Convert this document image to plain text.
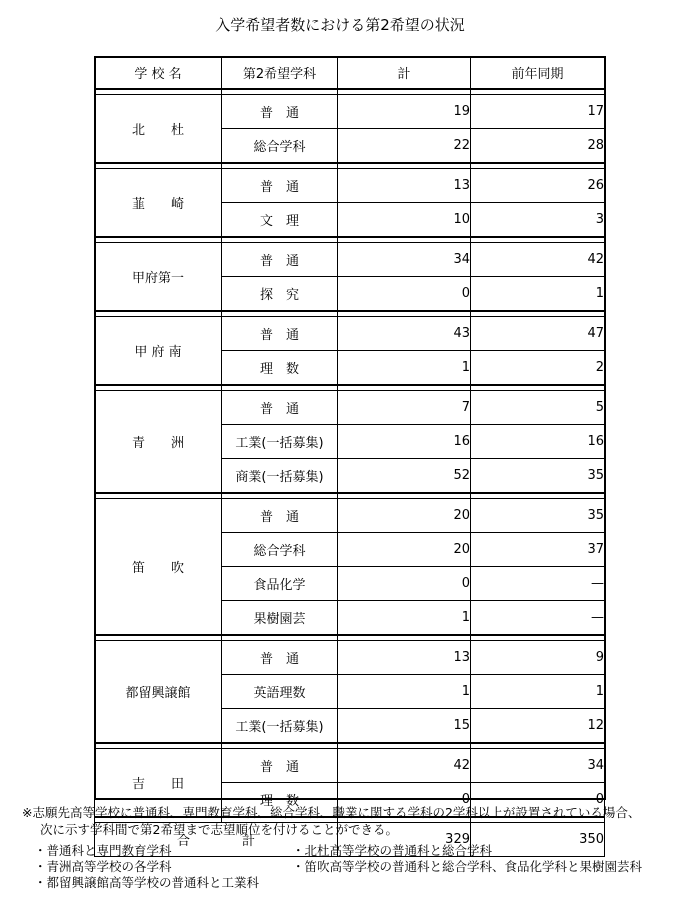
入学希望者数における第2希望の状況
学 校 名	第2希望学科	計	前年同期

北　　杜	普　通	19	17
	総合学科	22	28

韮　　崎	普　通	13	26
	文　理	10	3

甲府第一	普　通	34	42
	探　究	0	1

甲 府 南	普　通	43	47
	理　数	1	2

青　　洲	普　通	7	5
	工業(一括募集)	16	16
	商業(一括募集)	52	35

笛　　吹	普　通	20	35
	総合学科	20	37
	食品化学	0	—
	果樹園芸	1	—

都留興譲館	普　通	13	9
	英語理数	1	1
	工業(一括募集)	15	12

吉　　田	普　通	42	34
	理　数	0	0

合　　　　計		329	350
※志願先高等学校に普通科、専門教育学科、総合学科、職業に関する学科の2学科以上が設置されている場合、
次に示す学科間で第2希望まで志望順位を付けることができる。
・普通科と専門教育学科
・青洲高等学校の各学科
・都留興譲館高等学校の普通科と工業科
・北杜高等学校の普通科と総合学科
・笛吹高等学校の普通科と総合学科、食品化学科と果樹園芸科
